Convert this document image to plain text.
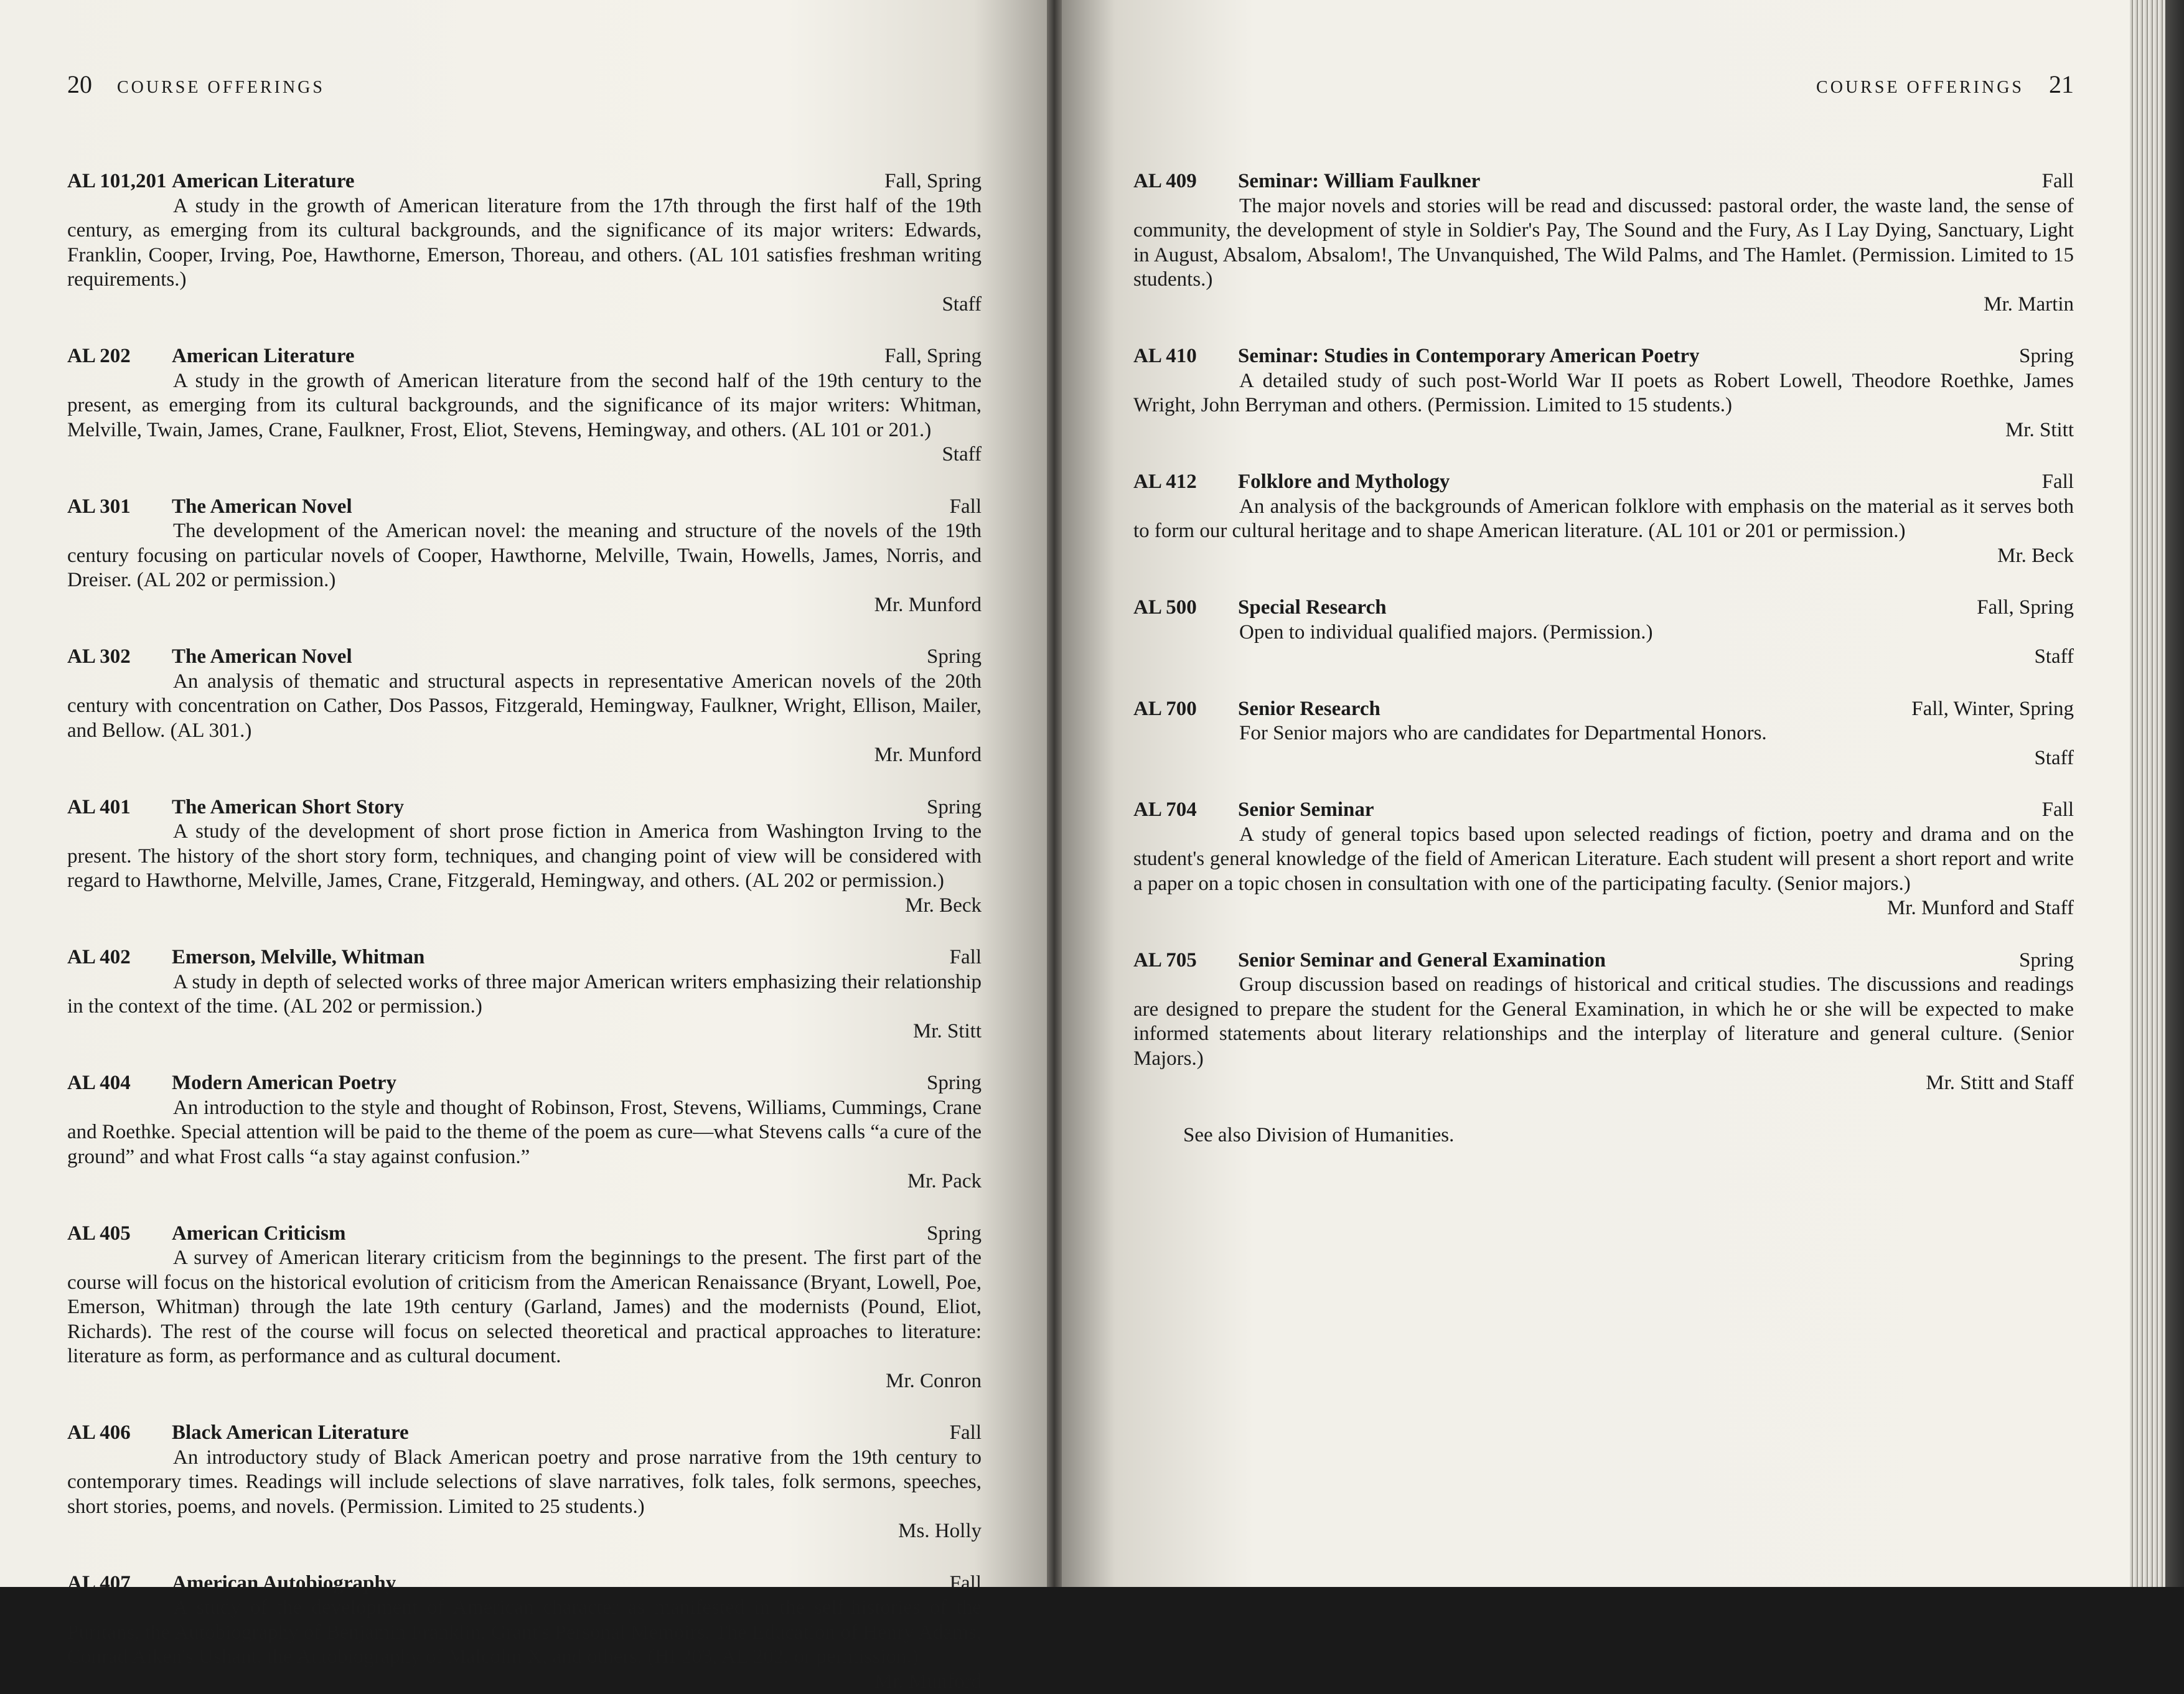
20 COURSE OFFERINGS
AL 101,201 American Literature	Fall, Spring
A study in the growth of American literature from the 17th through the first half of the 19th century, as emerging from its cultural backgrounds, and the significance of its major writers: Edwards, Franklin, Cooper, Irving, Poe, Hawthorne, Emerson, Thoreau, and others. (AL 101 satisfies freshman writing requirements.)
Staff
AL 202	American Literature	Fall, Spring
A study in the growth of American literature from the second half of the 19th century to the present, as emerging from its cultural backgrounds, and the significance of its major writers: Whitman, Melville, Twain, James, Crane, Faulkner, Frost, Eliot, Stevens, Hemingway, and others. (AL 101 or 201.)
Staff
AL 301	The American Novel	Fall
The development of the American novel: the meaning and structure of the novels of the 19th century focusing on particular novels of Cooper, Hawthorne, Melville, Twain, Howells, James, Norris, and Dreiser. (AL 202 or permission.)
Mr. Munford
AL 302	The American Novel	Spring
An analysis of thematic and structural aspects in representative American novels of the 20th century with concentration on Cather, Dos Passos, Fitzgerald, Hemingway, Faulkner, Wright, Ellison, Mailer, and Bellow. (AL 301.)
Mr. Munford
AL 401	The American Short Story	Spring
A study of the development of short prose fiction in America from Washington Irving to the present. The history of the short story form, techniques, and changing point of view will be considered with regard to Hawthorne, Melville, James, Crane, Fitzgerald, Hemingway, and others. (AL 202 or permission.)
Mr. Beck
AL 402	Emerson, Melville, Whitman	Fall
A study in depth of selected works of three major American writers emphasizing their relationship in the context of the time. (AL 202 or permission.)
Mr. Stitt
AL 404	Modern American Poetry	Spring
An introduction to the style and thought of Robinson, Frost, Stevens, Williams, Cummings, Crane and Roethke. Special attention will be paid to the theme of the poem as cure—what Stevens calls “a cure of the ground” and what Frost calls “a stay against confusion.”
Mr. Pack
AL 405	American Criticism	Spring
A survey of American literary criticism from the beginnings to the present. The first part of the course will focus on the historical evolution of criticism from the American Renaissance (Bryant, Lowell, Poe, Emerson, Whitman) through the late 19th century (Garland, James) and the modernists (Pound, Eliot, Richards). The rest of the course will focus on selected theoretical and practical approaches to literature: literature as form, as performance and as cultural document.
Mr. Conron
AL 406	Black American Literature	Fall
An introductory study of Black American poetry and prose narrative from the 19th century to contemporary times. Readings will include selections of slave narratives, folk tales, folk sermons, speeches, short stories, poems, and novels. (Permission. Limited to 25 students.)
Ms. Holly
AL 407	American Autobiography	Fall
A study of the development of American character as manifested in the self-histories of the Puritans, the Autobiography of Benjamin Franklin, Grant's Personal Memoirs, The Education of Henry Adams, Conrad Aiken's Ushant, the Autobiography of Malcolm X, and others. (HI 203, AL 202, or permission.)
Mr. Munford
COURSE OFFERINGS 21
AL 409	Seminar: William Faulkner	Fall
The major novels and stories will be read and discussed: pastoral order, the waste land, the sense of community, the development of style in Soldier's Pay, The Sound and the Fury, As I Lay Dying, Sanctuary, Light in August, Absalom, Absalom!, The Unvanquished, The Wild Palms, and The Hamlet. (Permission. Limited to 15 students.)
Mr. Martin
AL 410	Seminar: Studies in Contemporary American Poetry	Spring
A detailed study of such post-World War II poets as Robert Lowell, Theodore Roethke, James Wright, John Berryman and others. (Permission. Limited to 15 students.)
Mr. Stitt
AL 412	Folklore and Mythology	Fall
An analysis of the backgrounds of American folklore with emphasis on the material as it serves both to form our cultural heritage and to shape American literature. (AL 101 or 201 or permission.)
Mr. Beck
AL 500	Special Research	Fall, Spring
Open to individual qualified majors. (Permission.)
Staff
AL 700	Senior Research	Fall, Winter, Spring
For Senior majors who are candidates for Departmental Honors.
Staff
AL 704	Senior Seminar	Fall
A study of general topics based upon selected readings of fiction, poetry and drama and on the student's general knowledge of the field of American Literature. Each student will present a short report and write a paper on a topic chosen in consultation with one of the participating faculty. (Senior majors.)
Mr. Munford and Staff
AL 705	Senior Seminar and General Examination	Spring
Group discussion based on readings of historical and critical studies. The discussions and readings are designed to prepare the student for the General Examination, in which he or she will be expected to make informed statements about literary relationships and the interplay of literature and general culture. (Senior Majors.)
Mr. Stitt and Staff
See also Division of Humanities.
